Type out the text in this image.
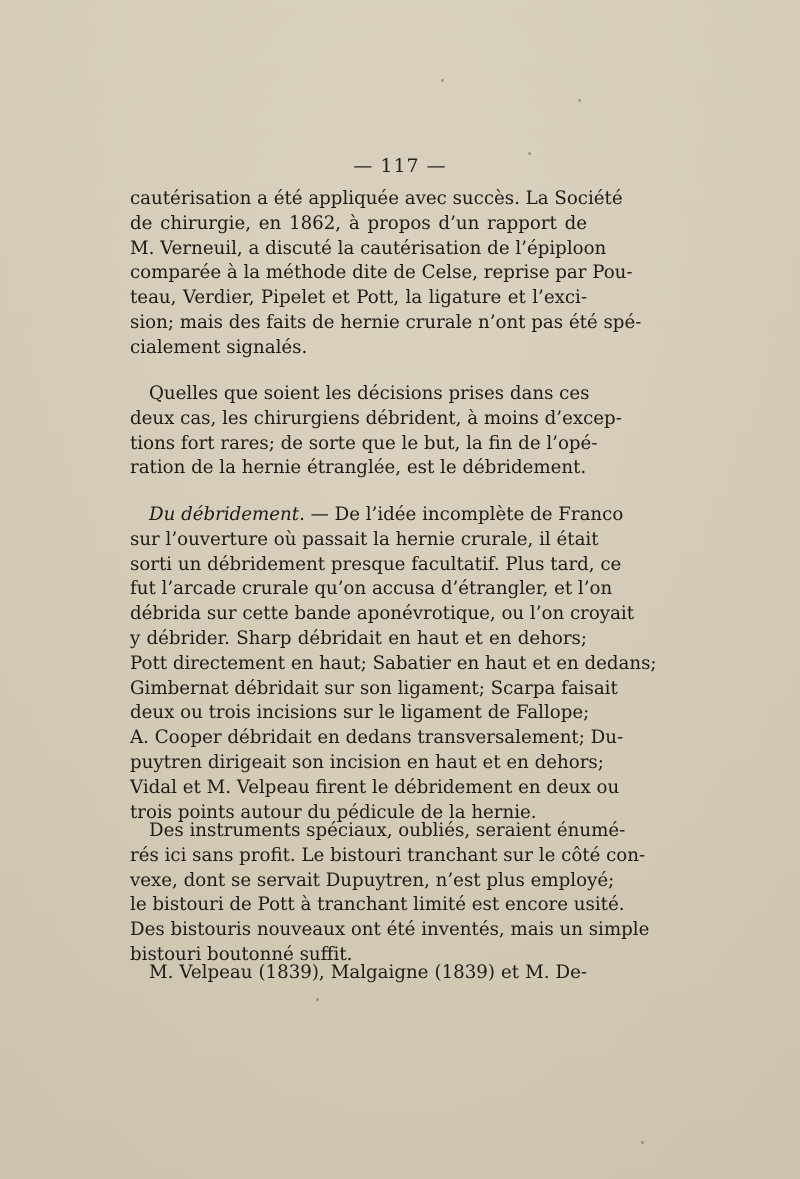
— 117 —
cautérisation a été appliquée avec succès. La Société
de chirurgie, en 1862, à propos d’un rapport de
M. Verneuil, a discuté la cautérisation de l’épiploon
comparée à la méthode dite de Celse, reprise par Pou-
teau, Verdier, Pipelet et Pott, la ligature et l’exci-
sion; mais des faits de hernie crurale n’ont pas été spé-
cialement signalés.
Quelles que soient les décisions prises dans ces
deux cas, les chirurgiens débrident, à moins d’excep-
tions fort rares; de sorte que le but, la fin de l’opé-
ration de la hernie étranglée, est le débridement.
Du débridement. — De l’idée incomplète de Franco
sur l’ouverture où passait la hernie crurale, il était
sorti un débridement presque facultatif. Plus tard, ce
fut l’arcade crurale qu’on accusa d’étrangler, et l’on
débrida sur cette bande aponévrotique, ou l’on croyait
y débrider. Sharp débridait en haut et en dehors;
Pott directement en haut; Sabatier en haut et en dedans;
Gimbernat débridait sur son ligament; Scarpa faisait
deux ou trois incisions sur le ligament de Fallope;
A. Cooper débridait en dedans transversalement; Du-
puytren dirigeait son incision en haut et en dehors;
Vidal et M. Velpeau firent le débridement en deux ou
trois points autour du pédicule de la hernie.
Des instruments spéciaux, oubliés, seraient énumé-
rés ici sans profit. Le bistouri tranchant sur le côté con-
vexe, dont se servait Dupuytren, n’est plus employé;
le bistouri de Pott à tranchant limité est encore usité.
Des bistouris nouveaux ont été inventés, mais un simple
bistouri boutonné suffit.
M. Velpeau (1839), Malgaigne (1839) et M. De-
